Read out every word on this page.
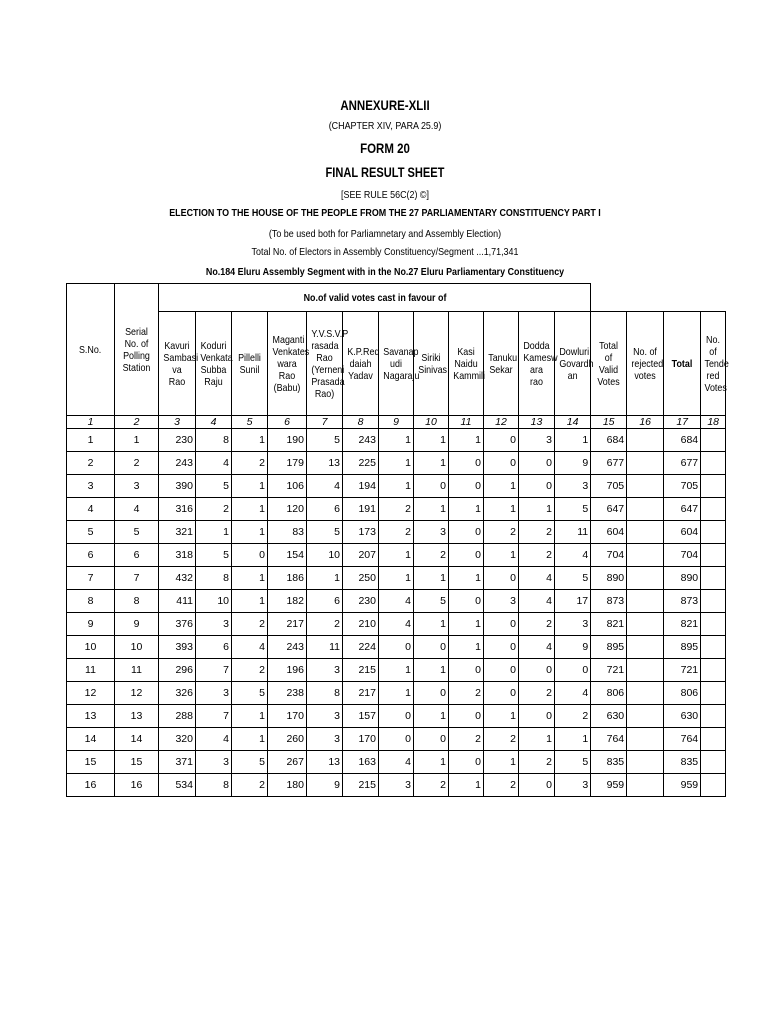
ANNEXURE-XLII
(CHAPTER XIV, PARA 25.9)
FORM 20
FINAL RESULT SHEET
[SEE RULE 56C(2) ©]
ELECTION TO THE HOUSE OF THE PEOPLE FROM THE 27 PARLIAMENTARY CONSTITUENCY PART I
(To be used both for Parliamnetary and Assembly Election)
Total No. of Electors in Assembly Constituency/Segment ...1,71,341
No.184 Eluru Assembly Segment with in the No.27 Eluru Parliamentary Constituency
S.No.	Serial No. of Polling Station	No.of valid votes cast in favour of															

		Kavuri Sambasi va Rao	Koduri Venkata Subba Raju	Pillelli Sunil	Maganti Venkates wara Rao (Babu)	Y.V.S.V.P rasada Rao (Yerneni Prasada Rao)	K.P.Red daiah Yadav	Savanap udi Nagaraju	Siriki Sinivas	Kasi Naidu Kammili	Tanuku Sekar	Dodda Kamesw ara rao	Dowluri Govardh an	Total of Valid Votes	No. of rejected votes	Total	No. of Tende red Votes

1	2	3	4	5	6	7	8	9	10	11	12	13	14	15	16	17	18
1	1	230	8	1	190	5	243	1	1	1	0	3	1	684		684	
2	2	243	4	2	179	13	225	1	1	0	0	0	9	677		677	
3	3	390	5	1	106	4	194	1	0	0	1	0	3	705		705	
4	4	316	2	1	120	6	191	2	1	1	1	1	5	647		647	
5	5	321	1	1	83	5	173	2	3	0	2	2	11	604		604	
6	6	318	5	0	154	10	207	1	2	0	1	2	4	704		704	
7	7	432	8	1	186	1	250	1	1	1	0	4	5	890		890	
8	8	411	10	1	182	6	230	4	5	0	3	4	17	873		873	
9	9	376	3	2	217	2	210	4	1	1	0	2	3	821		821	
10	10	393	6	4	243	11	224	0	0	1	0	4	9	895		895	
11	11	296	7	2	196	3	215	1	1	0	0	0	0	721		721	
12	12	326	3	5	238	8	217	1	0	2	0	2	4	806		806	
13	13	288	7	1	170	3	157	0	1	0	1	0	2	630		630	
14	14	320	4	1	260	3	170	0	0	2	2	1	1	764		764	
15	15	371	3	5	267	13	163	4	1	0	1	2	5	835		835	
16	16	534	8	2	180	9	215	3	2	1	2	0	3	959		959	
